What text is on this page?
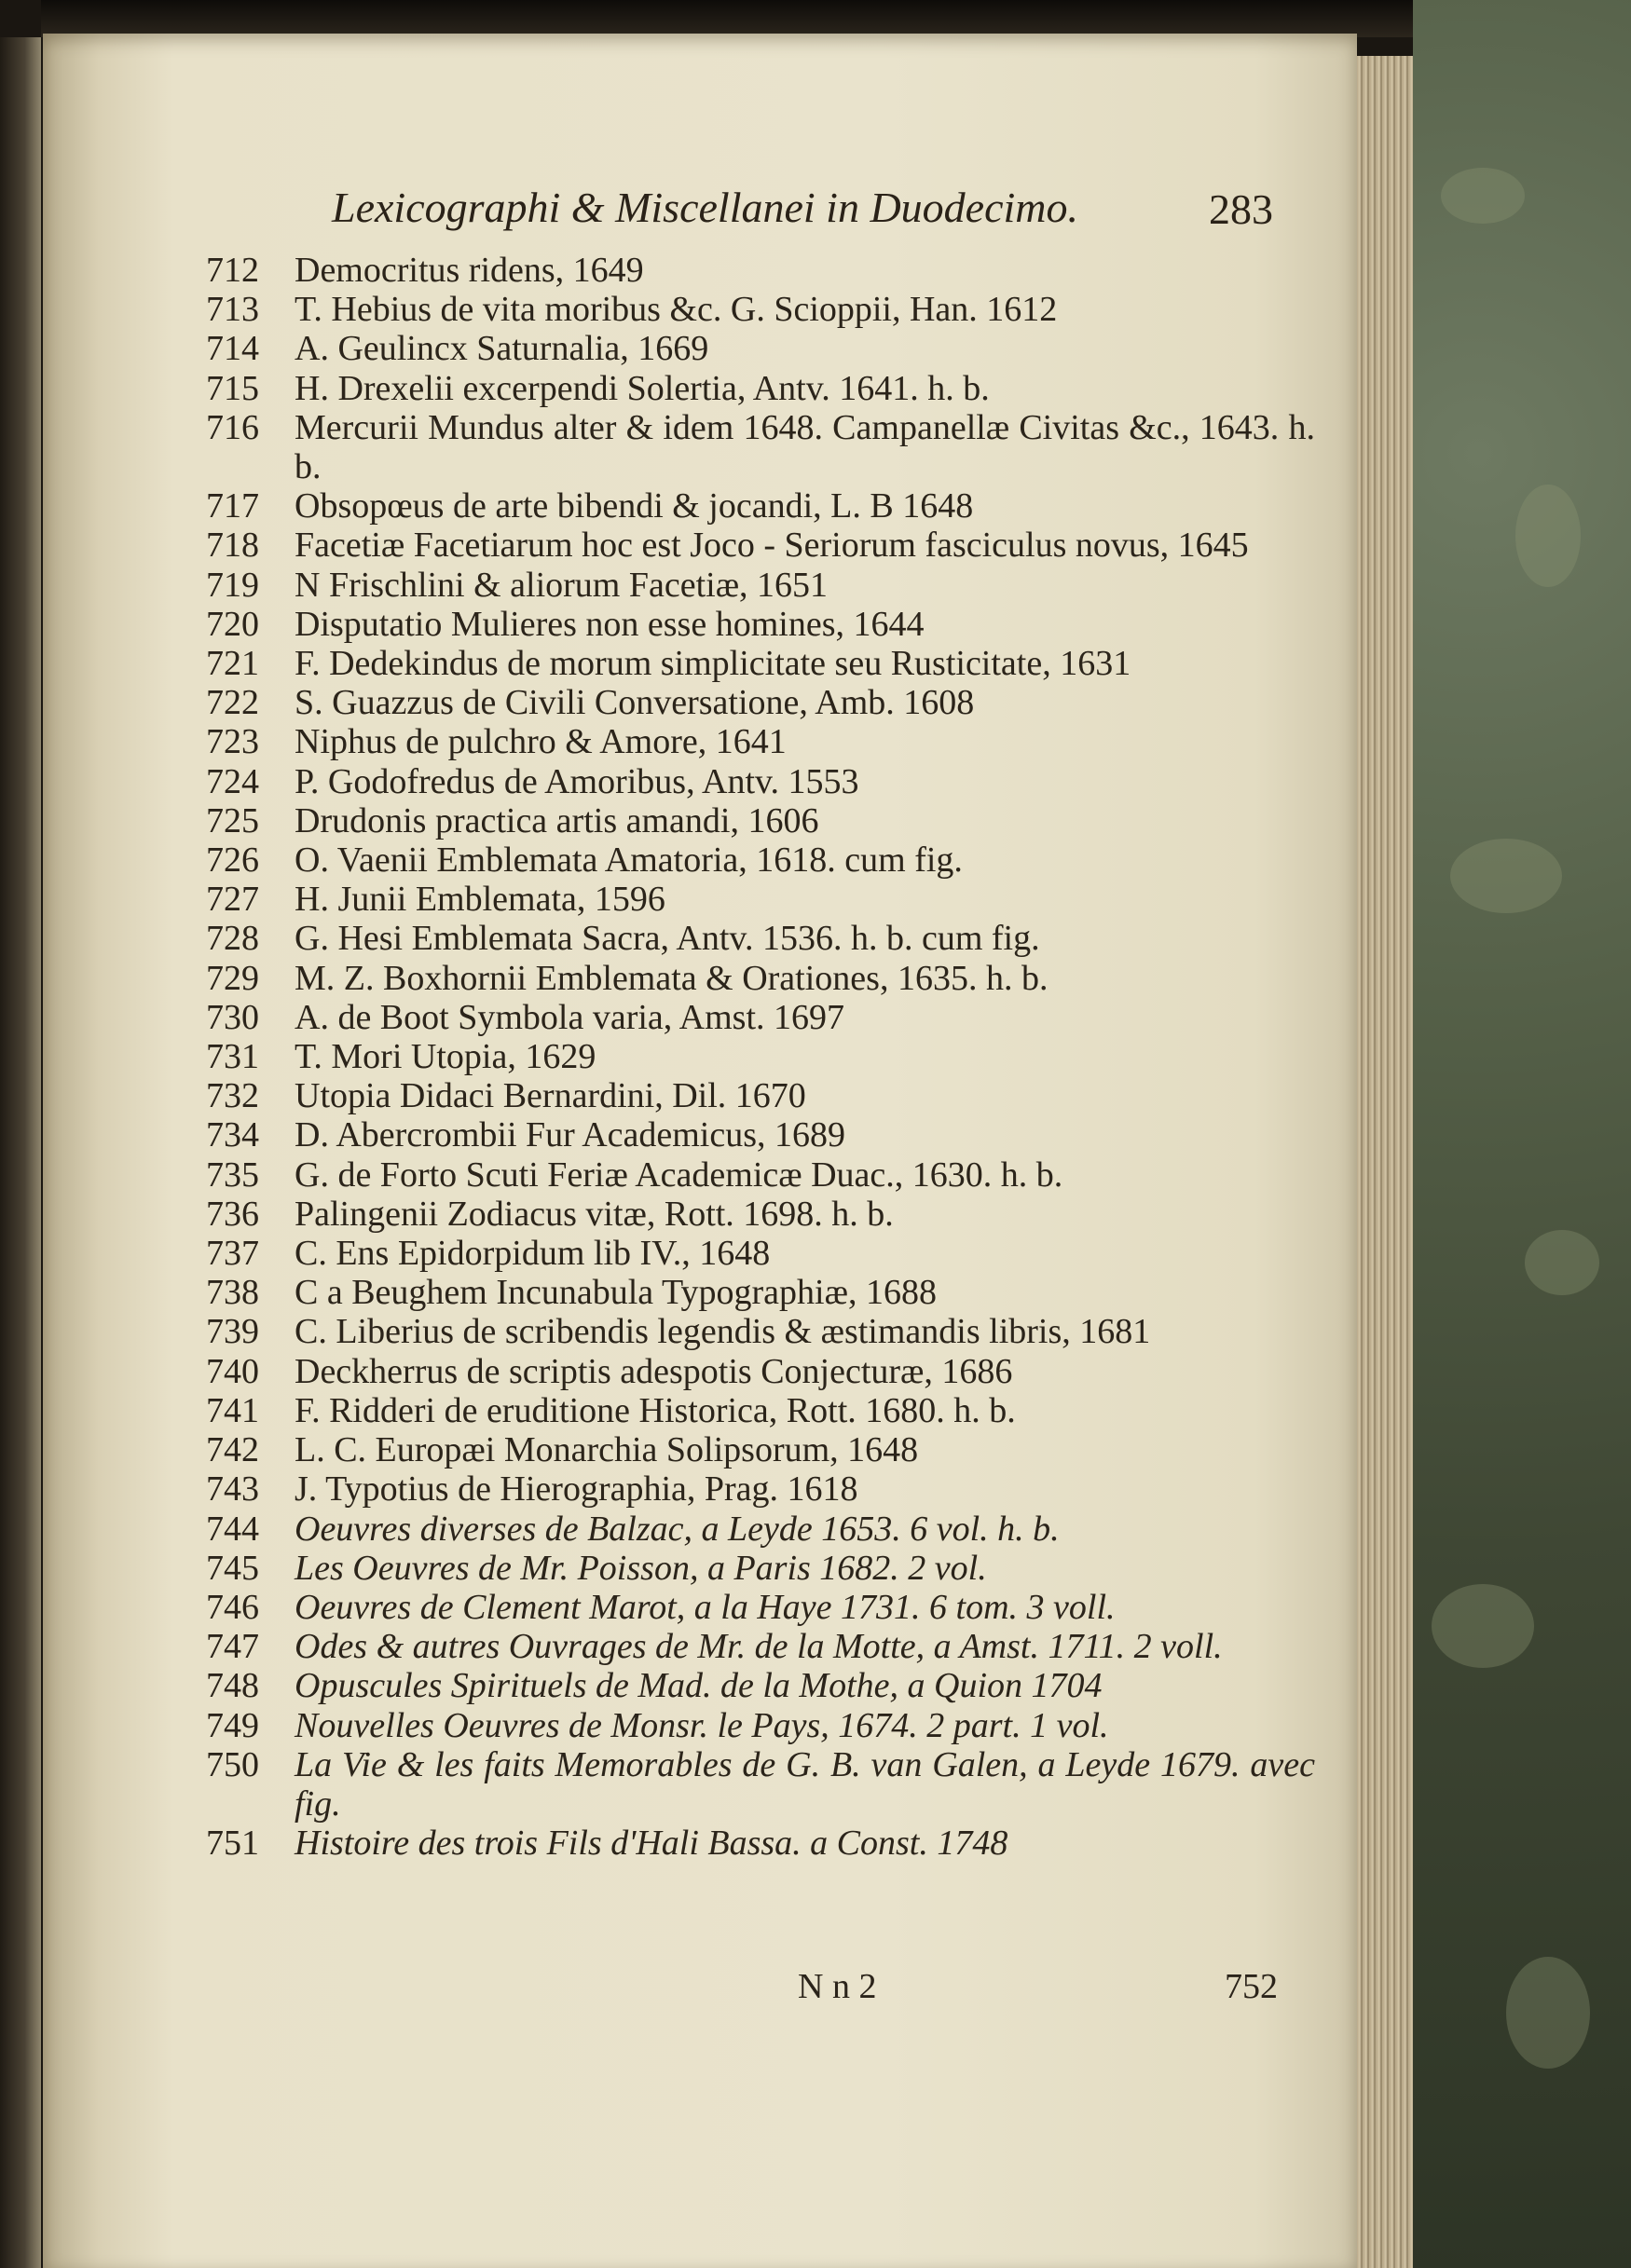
Lexicographi & Miscellanei in Duodecimo.	283
712	Democritus ridens, 1649
713	T. Hebius de vita moribus &c. G. Scioppii, Han. 1612
714	A. Geulincx Saturnalia, 1669
715	H. Drexelii excerpendi Solertia, Antv. 1641. h. b.
716	Mercurii Mundus alter & idem 1648. Campanellæ Civitas &c., 1643. h. b.
717	Obsopœus de arte bibendi & jocandi, L. B 1648
718	Facetiæ Facetiarum hoc est Joco - Seriorum fasciculus novus, 1645
719	N Frischlini & aliorum Facetiæ, 1651
720	Disputatio Mulieres non esse homines, 1644
721	F. Dedekindus de morum simplicitate seu Rusticitate, 1631
722	S. Guazzus de Civili Conversatione, Amb. 1608
723	Niphus de pulchro & Amore, 1641
724	P. Godofredus de Amoribus, Antv. 1553
725	Drudonis practica artis amandi, 1606
726	O. Vaenii Emblemata Amatoria, 1618. cum fig.
727	H. Junii Emblemata, 1596
728	G. Hesi Emblemata Sacra, Antv. 1536. h. b. cum fig.
729	M. Z. Boxhornii Emblemata & Orationes, 1635. h. b.
730	A. de Boot Symbola varia, Amst. 1697
731	T. Mori Utopia, 1629
732	Utopia Didaci Bernardini, Dil. 1670
734	D. Abercrombii Fur Academicus, 1689
735	G. de Forto Scuti Feriæ Academicæ Duac., 1630. h. b.
736	Palingenii Zodiacus vitæ, Rott. 1698. h. b.
737	C. Ens Epidorpidum lib IV., 1648
738	C a Beughem Incunabula Typographiæ, 1688
739	C. Liberius de scribendis legendis & æstimandis libris, 1681
740	Deckherrus de scriptis adespotis Conjecturæ, 1686
741	F. Ridderi de eruditione Historica, Rott. 1680. h. b.
742	L. C. Europæi Monarchia Solipsorum, 1648
743	J. Typotius de Hierographia, Prag. 1618
744	Oeuvres diverses de Balzac, a Leyde 1653. 6 vol. h. b.
745	Les Oeuvres de Mr. Poisson, a Paris 1682. 2 vol.
746	Oeuvres de Clement Marot, a la Haye 1731. 6 tom. 3 voll.
747	Odes & autres Ouvrages de Mr. de la Motte, a Amst. 1711. 2 voll.
748	Opuscules Spirituels de Mad. de la Mothe, a Quion 1704
749	Nouvelles Oeuvres de Monsr. le Pays, 1674. 2 part. 1 vol.
750	La Vie & les faits Memorables de G. B. van Galen, a Leyde 1679. avec fig.
751	Histoire des trois Fils d'Hali Bassa. a Const. 1748
N n 2	752
